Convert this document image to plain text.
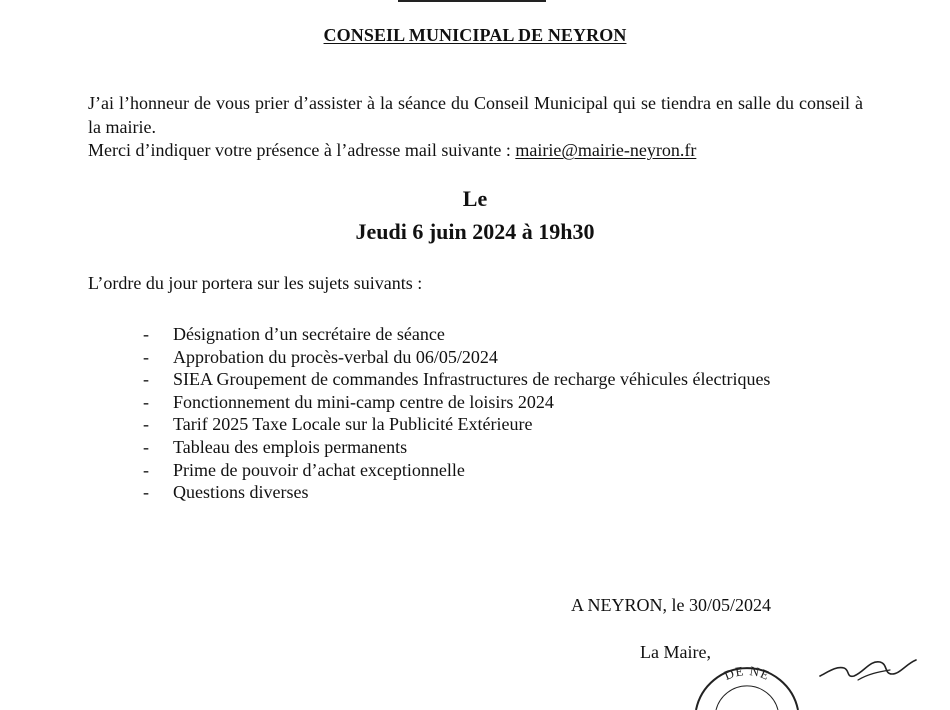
CONSEIL MUNICIPAL DE NEYRON

J’ai l’honneur de vous prier d’assister à la séance du Conseil Municipal qui se tiendra en salle du conseil à la mairie.

Merci d’indiquer votre présence à l’adresse mail suivante : mairie@mairie-neyron.fr

Le
Jeudi 6 juin 2024 à 19h30
L’ordre du jour portera sur les sujets suivants :
- Désignation d’un secrétaire de séance
- Approbation du procès-verbal du 06/05/2024
- SIEA Groupement de commandes Infrastructures de recharge véhicules électriques
- Fonctionnement du mini-camp centre de loisirs 2024
- Tarif 2025 Taxe Locale sur la Publicité Extérieure
- Tableau des emplois permanents
- Prime de pouvoir d’achat exceptionnelle
- Questions diverses
A NEYRON, le 30/05/2024
La Maire,
DE NE
